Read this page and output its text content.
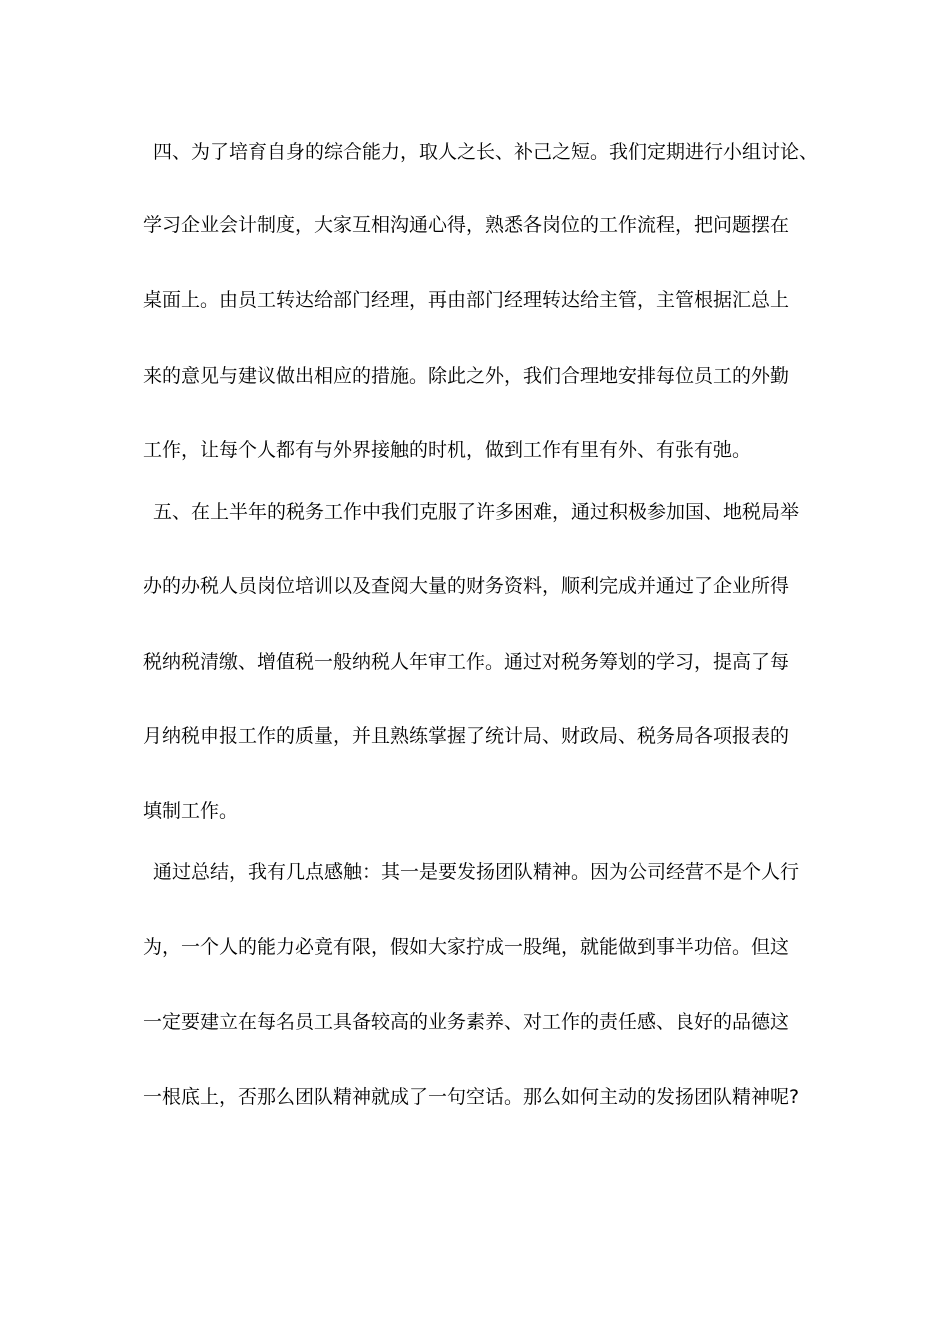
四、为了培育自身的综合能力，取人之长、补己之短。我们定期进行小组讨论、
学习企业会计制度，大家互相沟通心得，熟悉各岗位的工作流程，把问题摆在
桌面上。由员工转达给部门经理，再由部门经理转达给主管，主管根据汇总上
来的意见与建议做出相应的措施。除此之外，我们合理地安排每位员工的外勤
工作，让每个人都有与外界接触的时机，做到工作有里有外、有张有弛。
五、在上半年的税务工作中我们克服了许多困难，通过积极参加国、地税局举
办的办税人员岗位培训以及查阅大量的财务资料，顺利完成并通过了企业所得
税纳税清缴、增值税一般纳税人年审工作。通过对税务筹划的学习，提高了每
月纳税申报工作的质量，并且熟练掌握了统计局、财政局、税务局各项报表的
填制工作。
通过总结，我有几点感触：其一是要发扬团队精神。因为公司经营不是个人行
为，一个人的能力必竟有限，假如大家拧成一股绳，就能做到事半功倍。但这
一定要建立在每名员工具备较高的业务素养、对工作的责任感、良好的品德这
一根底上，否那么团队精神就成了一句空话。那么如何主动的发扬团队精神呢?
